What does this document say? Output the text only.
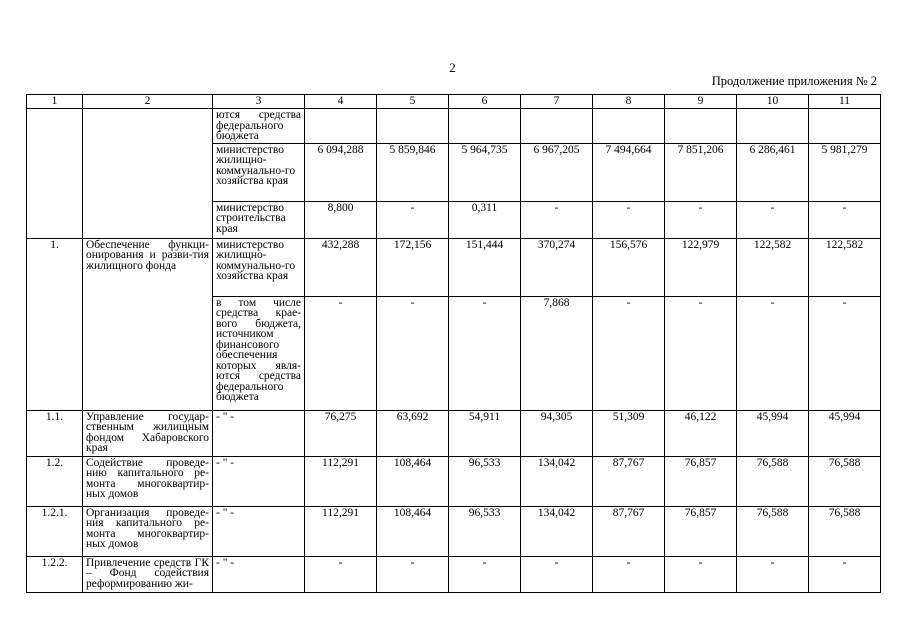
2
Продолжение приложения № 2
1	2	3	4	5	6	7	8	9	10	11
		ются средства федерального бюджета								
		министерство жилищно-коммунально-го хозяйства края	6 094,288	5 859,846	5 964,735	6 967,205	7 494,664	7 851,206	6 286,461	5 981,279
		министерство строительства края	8,800	-	0,311	-	-	-	-	-
1.	Обеспечение функци-онирования и разви-тия жилищного фонда	министерство жилищно-коммунально-го хозяйства края	432,288	172,156	151,444	370,274	156,576	122,979	122,582	122,582
		в том числе средства крае-вого бюджета, источником финансового обеспечения которых явля-ются средства федерального бюджета	-	-	-	7,868	-	-	-	-
1.1.	Управление государ-ственным жилищным фондом Хабаровского края	- " -	76,275	63,692	54,911	94,305	51,309	46,122	45,994	45,994
1.2.	Содействие проведе-нию капитального ре-монта многоквартир-ных домов	- " -	112,291	108,464	96,533	134,042	87,767	76,857	76,588	76,588
1.2.1.	Организация проведе-ния капитального ре-монта многоквартир-ных домов	- " -	112,291	108,464	96,533	134,042	87,767	76,857	76,588	76,588
1.2.2.	Привлечение средств ГК – Фонд содействия реформированию жи-	- " -	-	-	-	-	-	-	-	-
